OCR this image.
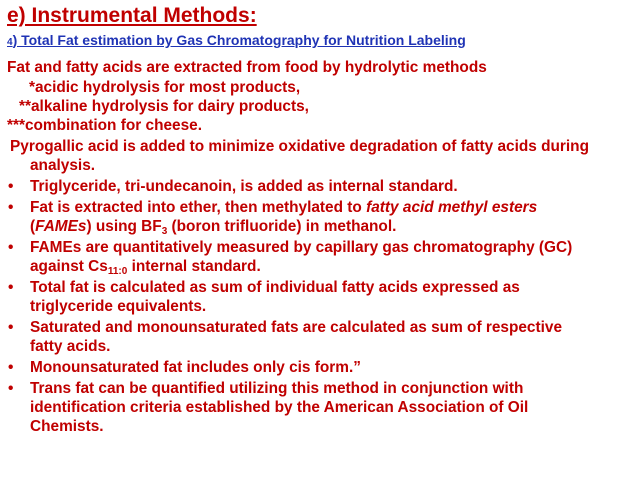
e) Instrumental Methods:
4) Total Fat estimation by Gas Chromatography for Nutrition Labeling
Fat and fatty acids are extracted from food by hydrolytic methods
*acidic hydrolysis for most products,
**alkaline hydrolysis for dairy products,
***combination for cheese.
Pyrogallic acid is added to minimize oxidative degradation of fatty acids during
analysis.
• Triglyceride, tri-undecanoin, is added as internal standard.
• Fat is extracted into ether, then methylated to fatty acid methyl esters
(FAMEs) using $BF_3$ (boron trifluoride) in methanol.
• FAMEs are quantitatively measured by capillary gas chromatography (GC)
against $Cs_{11:0}$ internal standard.
• Total fat is calculated as sum of individual fatty acids expressed as
triglyceride equivalents.
• Saturated and monounsaturated fats are calculated as sum of respective
fatty acids.
• Monounsaturated fat includes only cis form.”
• Trans fat can be quantified utilizing this method in conjunction with
identification criteria established by the American Association of Oil
Chemists.
